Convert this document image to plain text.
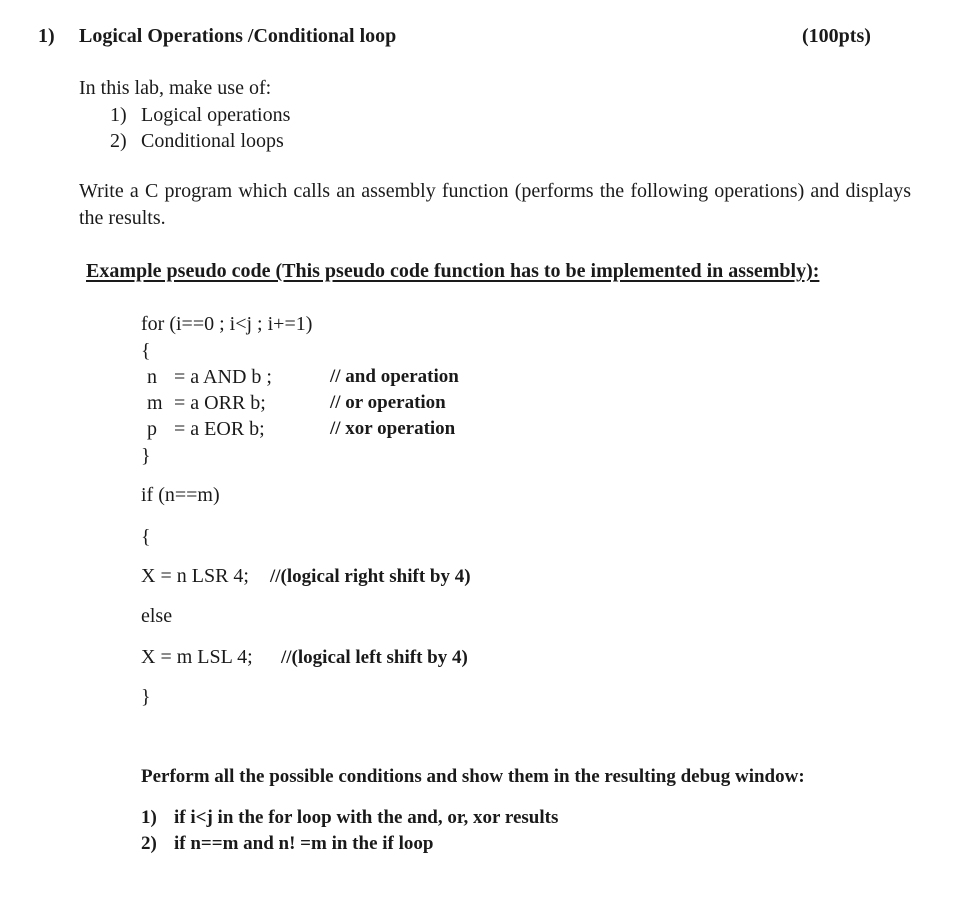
1) Logical Operations /Conditional loop	(100pts)
In this lab, make use of:
1) Logical operations
2) Conditional loops

Write a C program which calls an assembly function (performs the following operations) and displays the results.

Example pseudo code (This pseudo code function has to be implemented in assembly):
for (i==0 ; i<j ; i+=1)
{
n = a AND b ;	// and operation
m = a ORR b;	// or operation
p = a EOR b;	// xor operation
}
if (n==m)
{
X = n LSR 4; //(logical right shift by 4)
else
X = m LSL 4; //(logical left shift by 4)
}
Perform all the possible conditions and show them in the resulting debug window:
1) if i<j in the for loop with the and, or, xor results
2) if n==m and n! =m in the if loop
